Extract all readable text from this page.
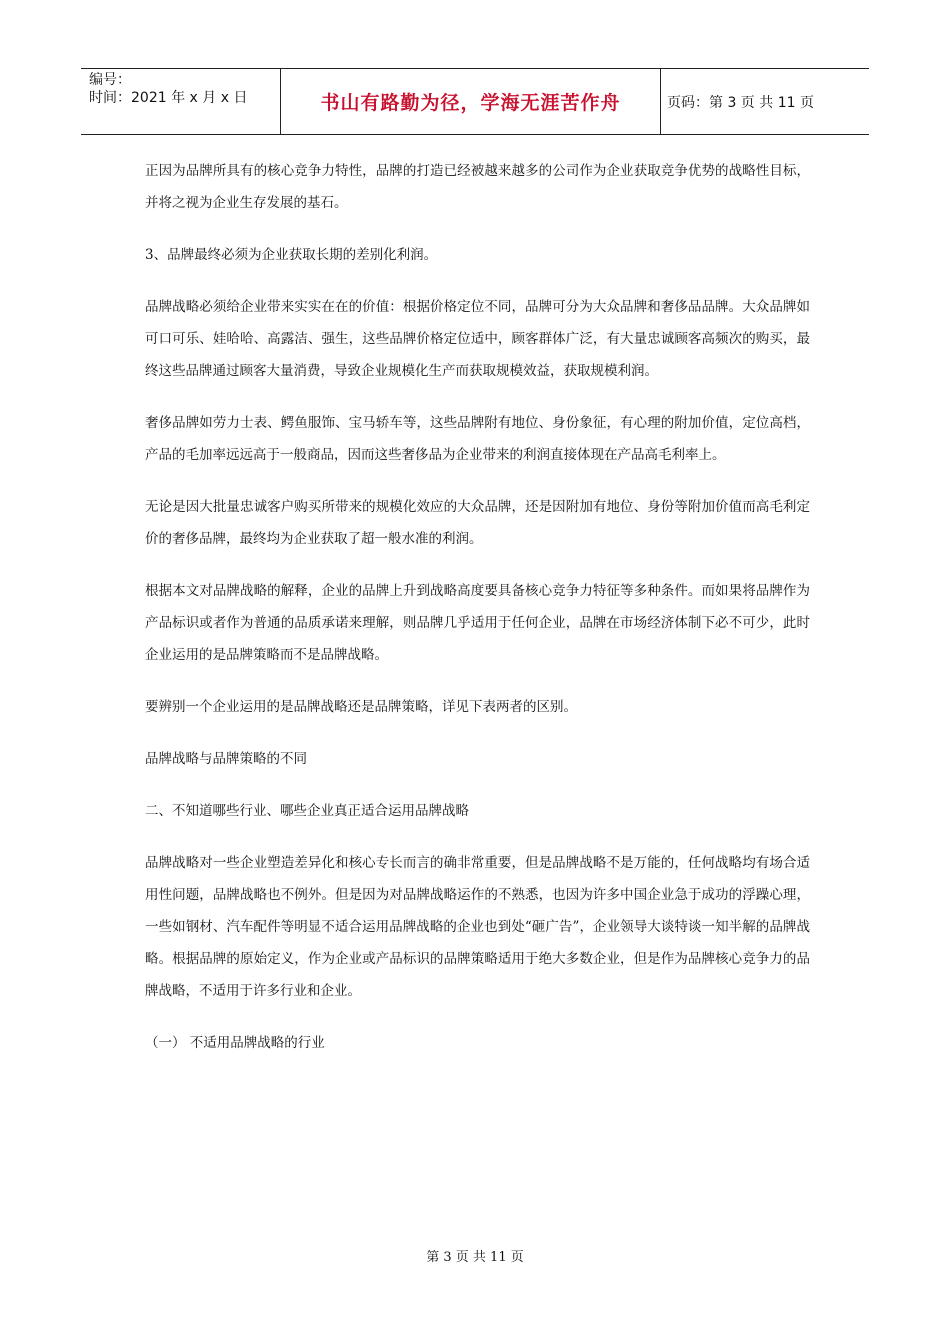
编号：
时间：2021 年 x 月 x 日	书山有路勤为径，学海无涯苦作舟	页码：第 3 页 共 11 页

正因为品牌所具有的核心竞争力特性，品牌的打造已经被越来越多的公司作为企业获取竞争优势的战略性目标，并将之视为企业生存发展的基石。

3、品牌最终必须为企业获取长期的差别化利润。

品牌战略必须给企业带来实实在在的价值：根据价格定位不同，品牌可分为大众品牌和奢侈品品牌。大众品牌如可口可乐、娃哈哈、高露洁、强生，这些品牌价格定位适中，顾客群体广泛，有大量忠诚顾客高频次的购买，最终这些品牌通过顾客大量消费，导致企业规模化生产而获取规模效益，获取规模利润。

奢侈品牌如劳力士表、鳄鱼服饰、宝马轿车等，这些品牌附有地位、身份象征，有心理的附加价值，定位高档，产品的毛加率远远高于一般商品，因而这些奢侈品为企业带来的利润直接体现在产品高毛利率上。

无论是因大批量忠诚客户购买所带来的规模化效应的大众品牌，还是因附加有地位、身份等附加价值而高毛利定价的奢侈品牌，最终均为企业获取了超一般水准的利润。

根据本文对品牌战略的解释，企业的品牌上升到战略高度要具备核心竞争力特征等多种条件。而如果将品牌作为产品标识或者作为普通的品质承诺来理解，则品牌几乎适用于任何企业，品牌在市场经济体制下必不可少，此时企业运用的是品牌策略而不是品牌战略。

要辨别一个企业运用的是品牌战略还是品牌策略，详见下表两者的区别。

品牌战略与品牌策略的不同

二、不知道哪些行业、哪些企业真正适合运用品牌战略

品牌战略对一些企业塑造差异化和核心专长而言的确非常重要，但是品牌战略不是万能的，任何战略均有场合适用性问题，品牌战略也不例外。但是因为对品牌战略运作的不熟悉，也因为许多中国企业急于成功的浮躁心理，一些如钢材、汽车配件等明显不适合运用品牌战略的企业也到处“砸广告”，企业领导大谈特谈一知半解的品牌战略。根据品牌的原始定义，作为企业或产品标识的品牌策略适用于绝大多数企业，但是作为品牌核心竞争力的品牌战略，不适用于许多行业和企业。

（一） 不适用品牌战略的行业

第 3 页 共 11 页
